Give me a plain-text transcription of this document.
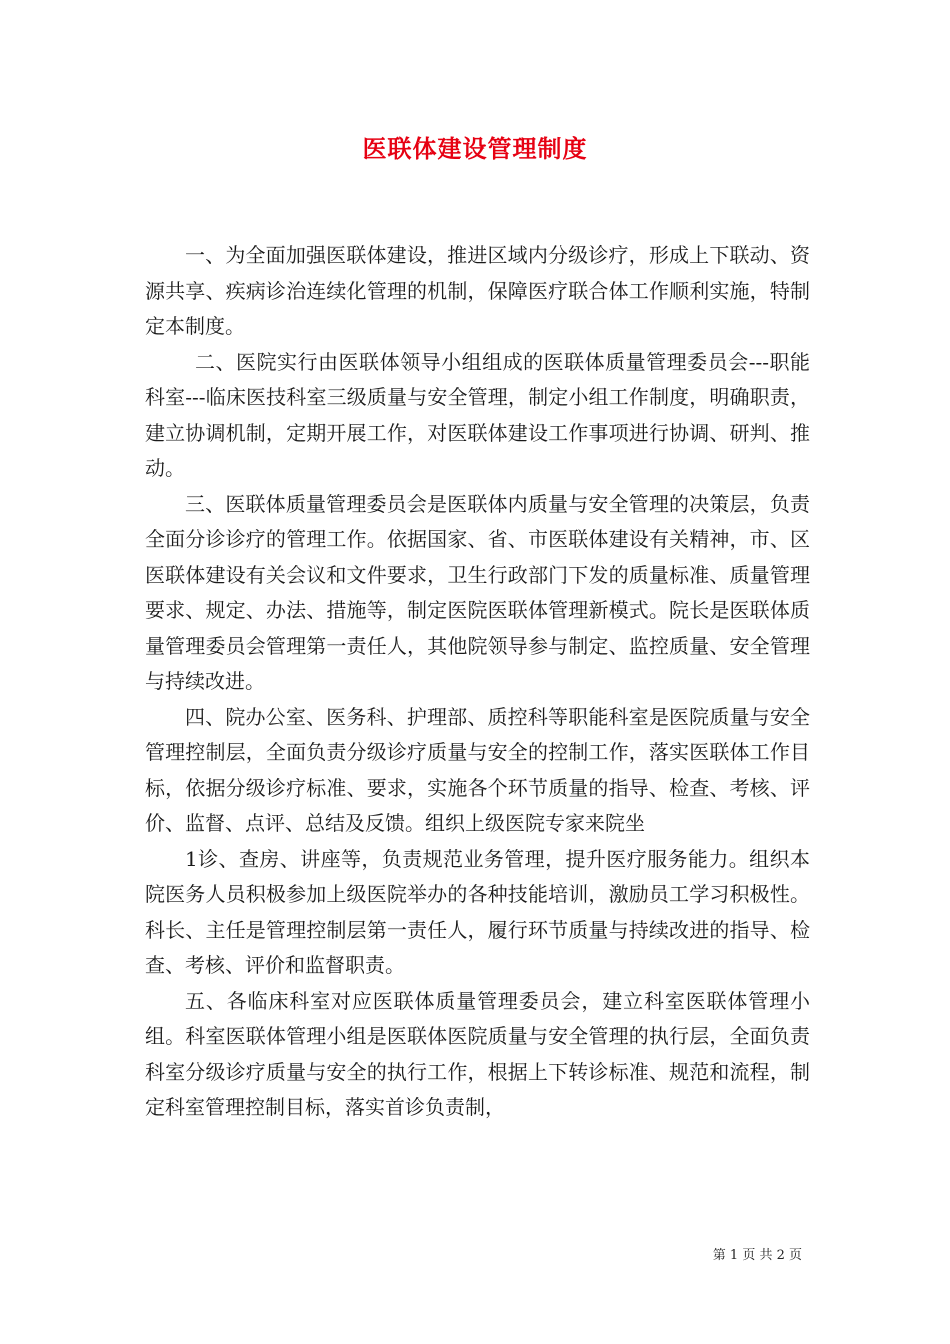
医联体建设管理制度

一、为全面加强医联体建设，推进区域内分级诊疗，形成上下联动、资源共享、疾病诊治连续化管理的机制，保障医疗联合体工作顺利实施，特制定本制度。

二、医院实行由医联体领导小组组成的医联体质量管理委员会---职能科室---临床医技科室三级质量与安全管理，制定小组工作制度，明确职责，建立协调机制，定期开展工作，对医联体建设工作事项进行协调、研判、推动。

三、医联体质量管理委员会是医联体内质量与安全管理的决策层，负责全面分诊诊疗的管理工作。依据国家、省、市医联体建设有关精神，市、区医联体建设有关会议和文件要求，卫生行政部门下发的质量标准、质量管理要求、规定、办法、措施等，制定医院医联体管理新模式。院长是医联体质量管理委员会管理第一责任人，其他院领导参与制定、监控质量、安全管理与持续改进。

四、院办公室、医务科、护理部、质控科等职能科室是医院质量与安全管理控制层，全面负责分级诊疗质量与安全的控制工作，落实医联体工作目标，依据分级诊疗标准、要求，实施各个环节质量的指导、检查、考核、评价、监督、点评、总结及反馈。组织上级医院专家来院坐

1诊、查房、讲座等，负责规范业务管理，提升医疗服务能力。组织本院医务人员积极参加上级医院举办的各种技能培训，激励员工学习积极性。科长、主任是管理控制层第一责任人，履行环节质量与持续改进的指导、检查、考核、评价和监督职责。

五、各临床科室对应医联体质量管理委员会，建立科室医联体管理小组。科室医联体管理小组是医联体医院质量与安全管理的执行层，全面负责科室分级诊疗质量与安全的执行工作，根据上下转诊标准、规范和流程，制定科室管理控制目标，落实首诊负责制，

第 1 页 共 2 页
